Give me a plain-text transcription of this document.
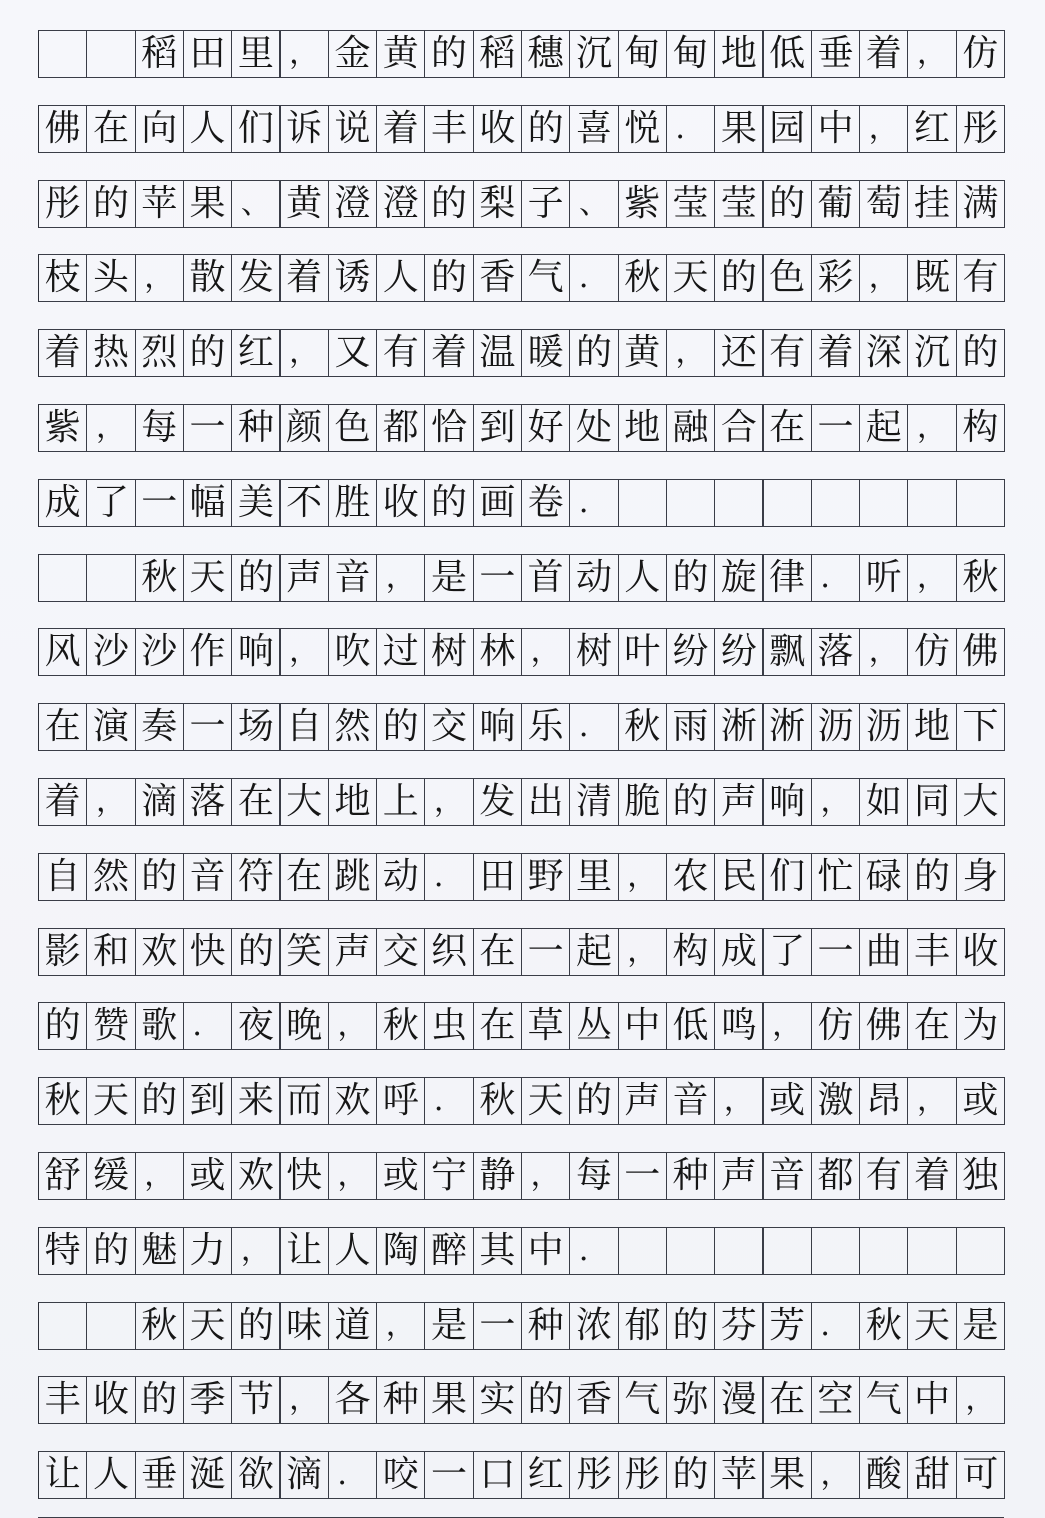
稻 田 里 ， 金 黄 的 稻 穗 沉 甸 甸 地 低 垂 着 ， 仿
佛 在 向 人 们 诉 说 着 丰 收 的 喜 悦 ． 果 园 中 ， 红 彤
彤 的 苹 果 、 黄 澄 澄 的 梨 子 、 紫 莹 莹 的 葡 萄 挂 满
枝 头 ， 散 发 着 诱 人 的 香 气 ． 秋 天 的 色 彩 ， 既 有
着 热 烈 的 红 ， 又 有 着 温 暖 的 黄 ， 还 有 着 深 沉 的
紫 ， 每 一 种 颜 色 都 恰 到 好 处 地 融 合 在 一 起 ， 构
成 了 一 幅 美 不 胜 收 的 画 卷 ．
秋 天 的 声 音 ， 是 一 首 动 人 的 旋 律 ． 听 ， 秋
风 沙 沙 作 响 ， 吹 过 树 林 ， 树 叶 纷 纷 飘 落 ， 仿 佛
在 演 奏 一 场 自 然 的 交 响 乐 ． 秋 雨 淅 淅 沥 沥 地 下
着 ， 滴 落 在 大 地 上 ， 发 出 清 脆 的 声 响 ， 如 同 大
自 然 的 音 符 在 跳 动 ． 田 野 里 ， 农 民 们 忙 碌 的 身
影 和 欢 快 的 笑 声 交 织 在 一 起 ， 构 成 了 一 曲 丰 收
的 赞 歌 ． 夜 晚 ， 秋 虫 在 草 丛 中 低 鸣 ， 仿 佛 在 为
秋 天 的 到 来 而 欢 呼 ． 秋 天 的 声 音 ， 或 激 昂 ， 或
舒 缓 ， 或 欢 快 ， 或 宁 静 ， 每 一 种 声 音 都 有 着 独
特 的 魅 力 ， 让 人 陶 醉 其 中 ．
秋 天 的 味 道 ， 是 一 种 浓 郁 的 芬 芳 ． 秋 天 是
丰 收 的 季 节 ， 各 种 果 实 的 香 气 弥 漫 在 空 气 中 ，
让 人 垂 涎 欲 滴 ． 咬 一 口 红 彤 彤 的 苹 果 ， 酸 甜 可
